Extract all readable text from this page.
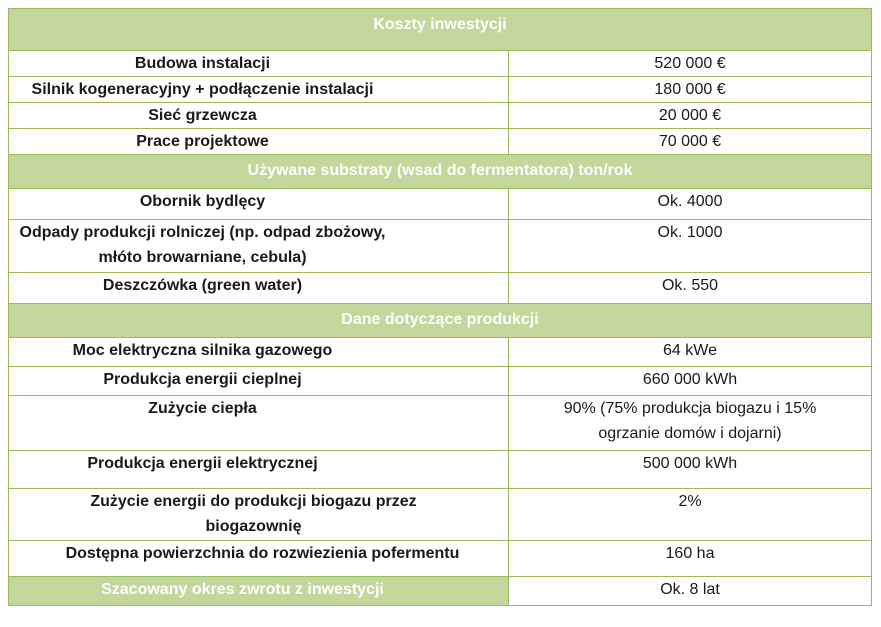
Koszty inwestycji	
Budowa instalacji	520 000 €
Silnik kogeneracyjny + podłączenie instalacji	180 000 €
Sieć grzewcza	20 000 €
Prace projektowe	70 000 €
Używane substraty (wsad do fermentatora) ton/rok	
Obornik bydlęcy	Ok. 4000
Odpady produkcji rolniczej (np. odpad zbożowy, młóto browarniane, cebula)	Ok. 1000
Deszczówka (green water)	Ok. 550
Dane dotyczące produkcji	
Moc elektryczna silnika gazowego	64 kWe
Produkcja energii cieplnej	660 000 kWh
Zużycie ciepła	90% (75% produkcja biogazu i 15% ogrzanie domów i dojarni)
Produkcja energii elektrycznej	500 000 kWh
Zużycie energii do produkcji biogazu przez biogazownię	2%
Dostępna powierzchnia do rozwiezienia pofermentu	160 ha
Szacowany okres zwrotu z inwestycji	Ok. 8 lat
